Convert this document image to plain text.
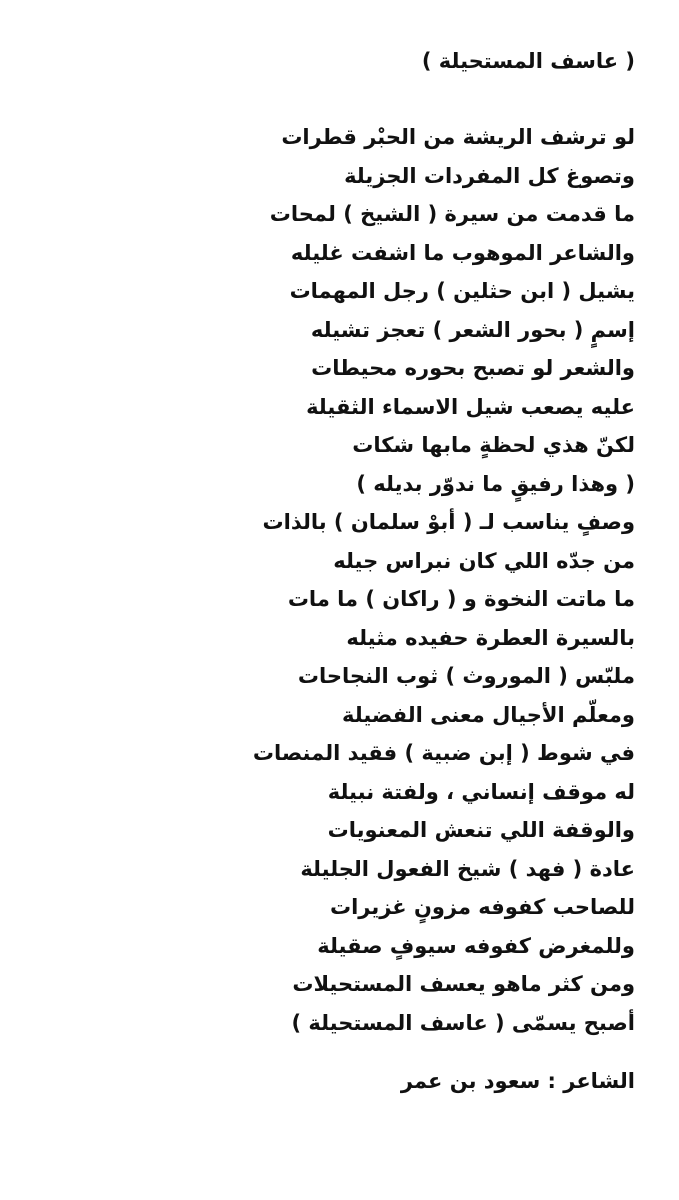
( عاسف المستحيلة )
لو ترشف الريشة من الحبْر قطرات
وتصوغ كل المفردات الجزيلة
ما قدمت من سيرة ( الشيخ ) لمحات
والشاعر الموهوب ما اشفت غليله
يشيل ( ابن حثلين ) رجل المهمات
إسمٍ ( بحور الشعر ) تعجز تشيله
والشعر لو تصبح بحوره محيطات
عليه يصعب شيل الاسماء الثقيلة
لكنّ هذي لحظةٍ مابها شكات
( وهذا رفيقٍ ما ندوّر بديله )
وصفٍ يناسب لـ ( أبوْ سلمان ) بالذات
من جدّه اللي كان نبراس جيله
ما ماتت النخوة و ( راكان ) ما مات
بالسيرة العطرة حفيده مثيله
ملبّس ( الموروث ) ثوب النجاحات
ومعلّم الأجيال معنى الفضيلة
في شوط ( إبن ضبية ) فقيد المنصات
له موقف إنساني ، ولفتة نبيلة
والوقفة اللي تنعش المعنويات
عادة ( فهد ) شيخ الفعول الجليلة
للصاحب كفوفه مزونٍ غزيرات
وللمغرض كفوفه سيوفٍ صقيلة
ومن كثر ماهو يعسف المستحيلات
أصبح يسمّى ( عاسف المستحيلة )
الشاعر : سعود بن عمر
